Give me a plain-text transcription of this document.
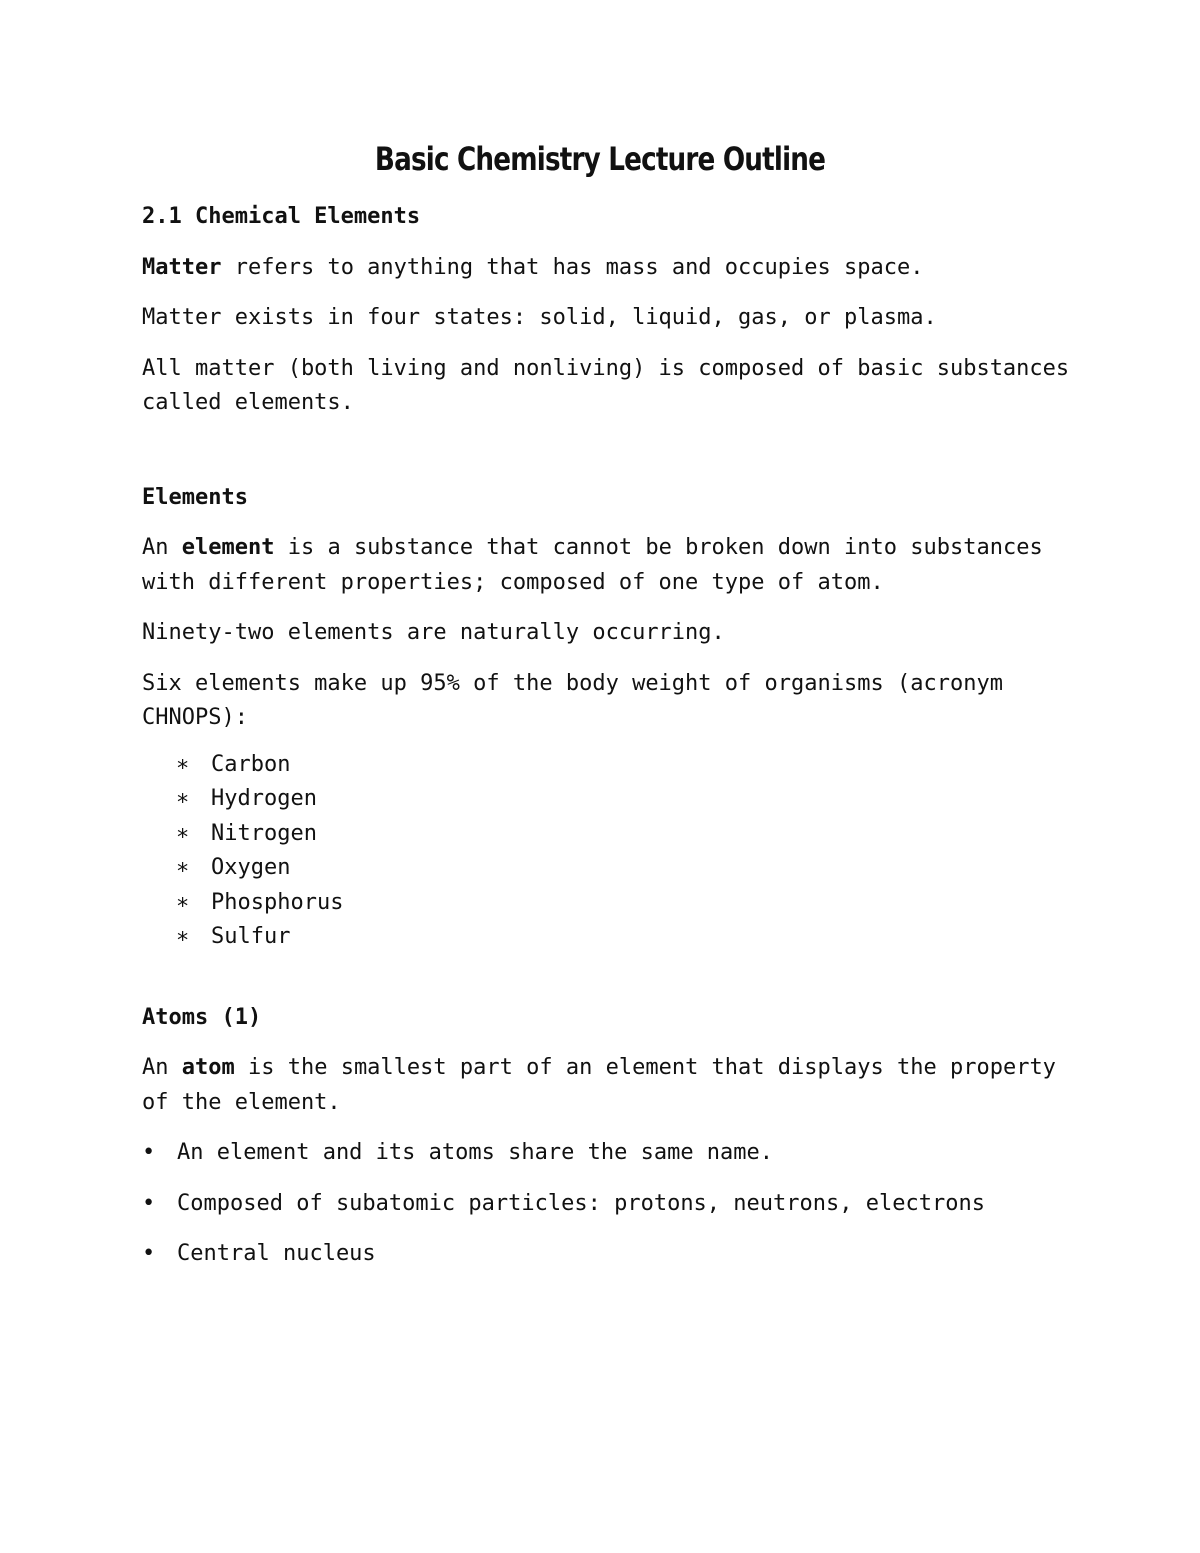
Basic Chemistry Lecture Outline
2.1 Chemical Elements

Matter refers to anything that has mass and occupies space.

Matter exists in four states: solid, liquid, gas, or plasma.

All matter (both living and nonliving) is composed of basic substances called elements.

Elements

An element is a substance that cannot be broken down into substances with different properties; composed of one type of atom.

Ninety-two elements are naturally occurring.

Six elements make up 95% of the body weight of organisms (acronym CHNOPS):

∗ Carbon
∗ Hydrogen
∗ Nitrogen
∗ Oxygen
∗ Phosphorus
∗ Sulfur
Atoms (1)

An atom is the smallest part of an element that displays the property of the element.

• An element and its atoms share the same name.
• Composed of subatomic particles: protons, neutrons, electrons
• Central nucleus
